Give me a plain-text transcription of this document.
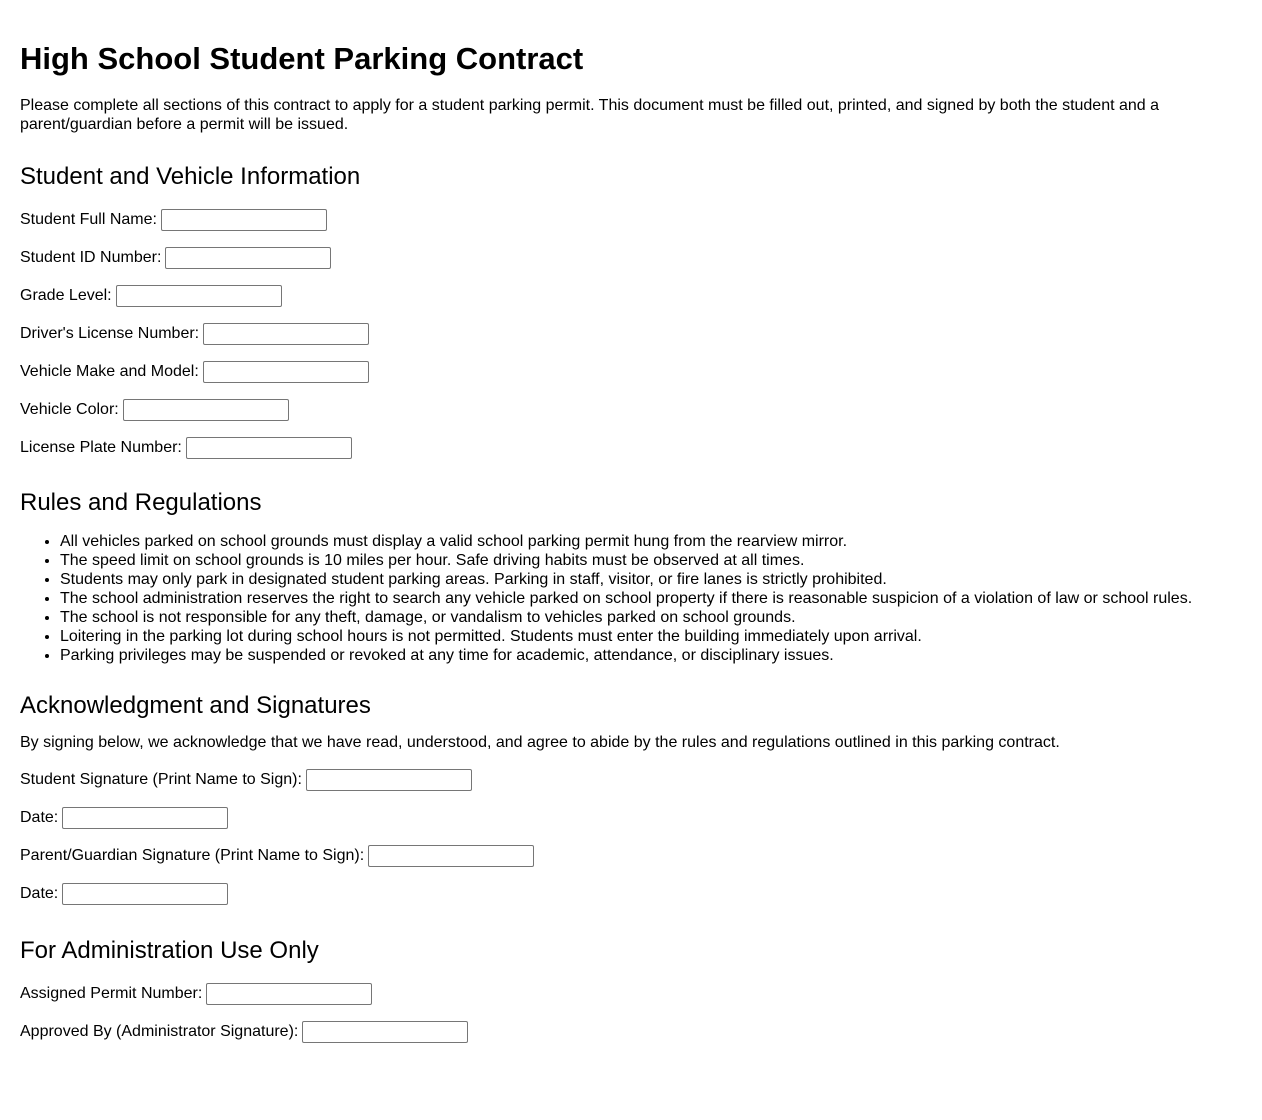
High School Student Parking Contract

Please complete all sections of this contract to apply for a student parking permit. This document must be filled out, printed, and signed by both the student and a parent/guardian before a permit will be issued.

Student and Vehicle Information
Student Full Name:
Student ID Number:
Grade Level:
Driver's License Number:
Vehicle Make and Model:
Vehicle Color:
License Plate Number:
Rules and Regulations
• All vehicles parked on school grounds must display a valid school parking permit hung from the rearview mirror.
• The speed limit on school grounds is 10 miles per hour. Safe driving habits must be observed at all times.
• Students may only park in designated student parking areas. Parking in staff, visitor, or fire lanes is strictly prohibited.
• The school administration reserves the right to search any vehicle parked on school property if there is reasonable suspicion of a violation of law or school rules.
• The school is not responsible for any theft, damage, or vandalism to vehicles parked on school grounds.
• Loitering in the parking lot during school hours is not permitted. Students must enter the building immediately upon arrival.
• Parking privileges may be suspended or revoked at any time for academic, attendance, or disciplinary issues.
Acknowledgment and Signatures

By signing below, we acknowledge that we have read, understood, and agree to abide by the rules and regulations outlined in this parking contract.

Student Signature (Print Name to Sign):
Date:
Parent/Guardian Signature (Print Name to Sign):
Date:
For Administration Use Only
Assigned Permit Number:
Approved By (Administrator Signature):
